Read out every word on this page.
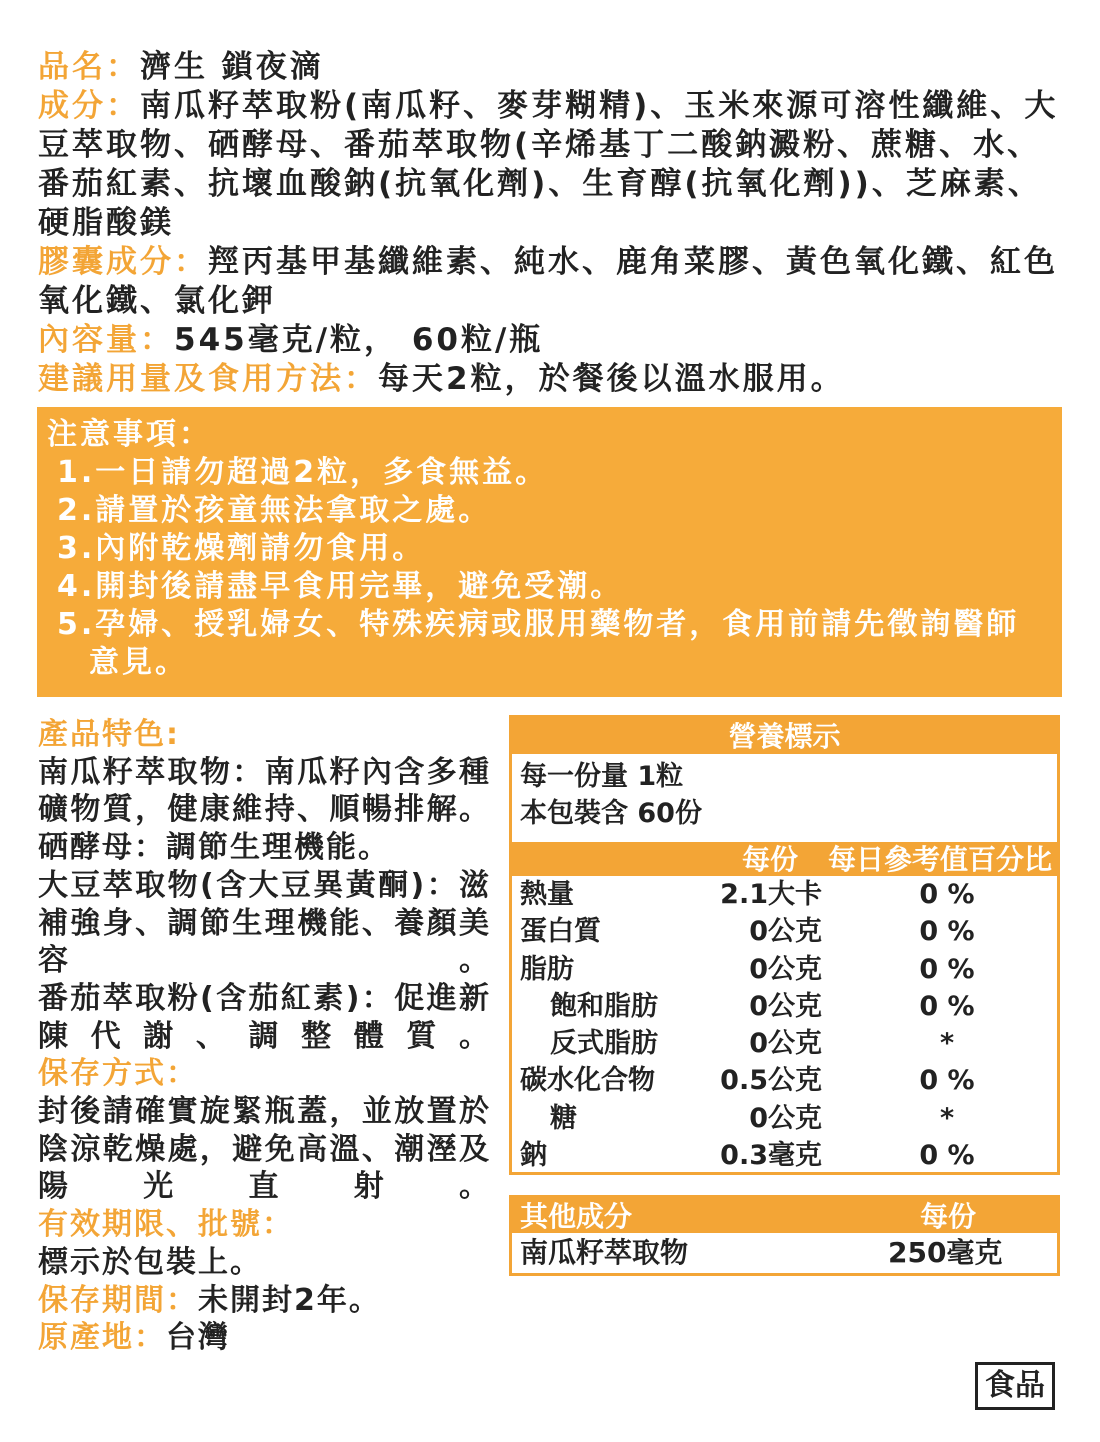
品名：濟生 鎖夜滴

成分：南瓜籽萃取粉(南瓜籽、麥芽糊精)、玉米來源可溶性纖維、大豆萃取物、硒酵母、番茄萃取物(辛烯基丁二酸鈉澱粉、蔗糖、水、番茄紅素、抗壞血酸鈉(抗氧化劑)、生育醇(抗氧化劑))、芝麻素、硬脂酸鎂

膠囊成分：羥丙基甲基纖維素、純水、鹿角菜膠、黃色氧化鐵、紅色氧化鐵、氯化鉀

內容量：545毫克/粒， 60粒/瓶

建議用量及食用方法：每天2粒，於餐後以溫水服用。

注意事項：
1.一日請勿超過2粒，多食無益。
2.請置於孩童無法拿取之處。
3.內附乾燥劑請勿食用。
4.開封後請盡早食用完畢，避免受潮。
5.孕婦、授乳婦女、特殊疾病或服用藥物者，食用前請先徵詢醫師意見。

產品特色:

南瓜籽萃取物：南瓜籽內含多種礦物質，健康維持、順暢排解。

硒酵母：調節生理機能。

大豆萃取物(含大豆異黃酮)：滋補強身、調節生理機能、養顏美容。

番茄萃取粉(含茄紅素)：促進新陳代謝、調整體質。

保存方式：

封後請確實旋緊瓶蓋，並放置於陰涼乾燥處，避免高溫、潮溼及陽光直射。

有效期限、批號：

標示於包裝上。

保存期間：未開封2年。

原產地：台灣

營養標示
每一份量 1粒
本包裝含 60份
每份 每日參考值百分比
熱量	2.1大卡	0 %
蛋白質	0公克	0 %
脂肪	0公克	0 %
飽和脂肪	0公克	0 %
反式脂肪	0公克	*
碳水化合物 0.5公克	0 %
糖	0公克	*
鈉	0.3毫克	0 %
其他成分	每份
南瓜籽萃取物	250毫克
食品
